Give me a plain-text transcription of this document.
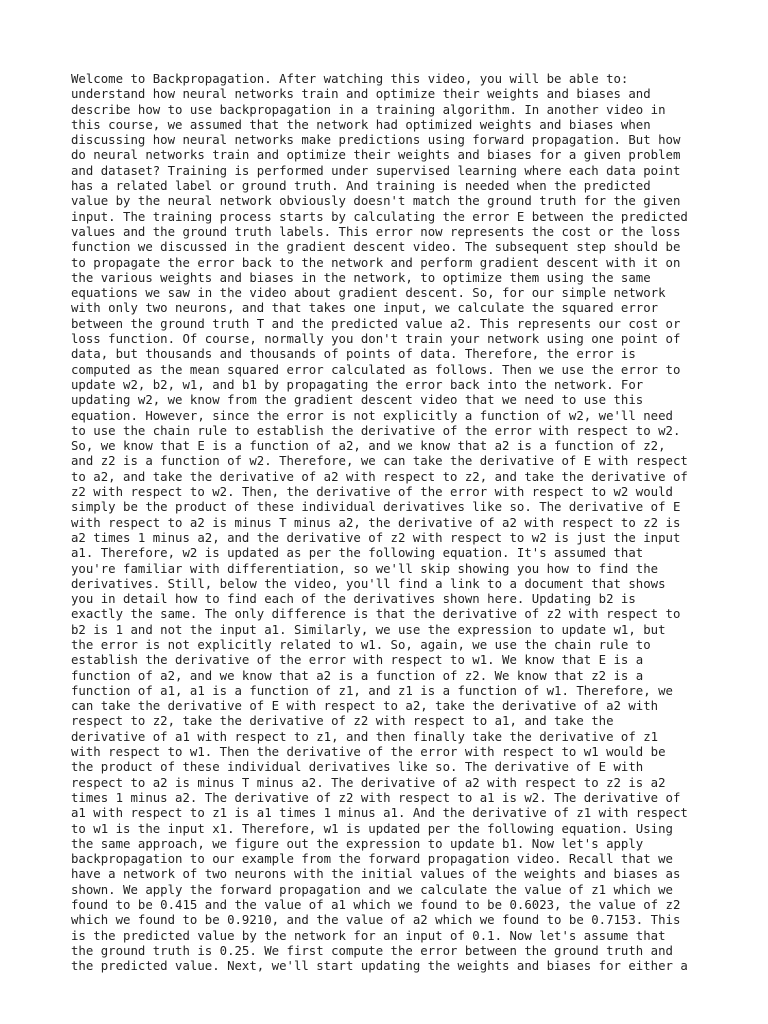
Welcome to Backpropagation. After watching this video, you will be able to:
understand how neural networks train and optimize their weights and biases and
describe how to use backpropagation in a training algorithm. In another video in
this course, we assumed that the network had optimized weights and biases when
discussing how neural networks make predictions using forward propagation. But how
do neural networks train and optimize their weights and biases for a given problem
and dataset? Training is performed under supervised learning where each data point
has a related label or ground truth. And training is needed when the predicted
value by the neural network obviously doesn't match the ground truth for the given
input. The training process starts by calculating the error E between the predicted
values and the ground truth labels. This error now represents the cost or the loss
function we discussed in the gradient descent video. The subsequent step should be
to propagate the error back to the network and perform gradient descent with it on
the various weights and biases in the network, to optimize them using the same
equations we saw in the video about gradient descent. So, for our simple network
with only two neurons, and that takes one input, we calculate the squared error
between the ground truth T and the predicted value a2. This represents our cost or
loss function. Of course, normally you don't train your network using one point of
data, but thousands and thousands of points of data. Therefore, the error is
computed as the mean squared error calculated as follows. Then we use the error to
update w2, b2, w1, and b1 by propagating the error back into the network. For
updating w2, we know from the gradient descent video that we need to use this
equation. However, since the error is not explicitly a function of w2, we'll need
to use the chain rule to establish the derivative of the error with respect to w2.
So, we know that E is a function of a2, and we know that a2 is a function of z2,
and z2 is a function of w2. Therefore, we can take the derivative of E with respect
to a2, and take the derivative of a2 with respect to z2, and take the derivative of
z2 with respect to w2. Then, the derivative of the error with respect to w2 would
simply be the product of these individual derivatives like so. The derivative of E
with respect to a2 is minus T minus a2, the derivative of a2 with respect to z2 is
a2 times 1 minus a2, and the derivative of z2 with respect to w2 is just the input
a1. Therefore, w2 is updated as per the following equation. It's assumed that
you're familiar with differentiation, so we'll skip showing you how to find the
derivatives. Still, below the video, you'll find a link to a document that shows
you in detail how to find each of the derivatives shown here. Updating b2 is
exactly the same. The only difference is that the derivative of z2 with respect to
b2 is 1 and not the input a1. Similarly, we use the expression to update w1, but
the error is not explicitly related to w1. So, again, we use the chain rule to
establish the derivative of the error with respect to w1. We know that E is a
function of a2, and we know that a2 is a function of z2. We know that z2 is a
function of a1, a1 is a function of z1, and z1 is a function of w1. Therefore, we
can take the derivative of E with respect to a2, take the derivative of a2 with
respect to z2, take the derivative of z2 with respect to a1, and take the
derivative of a1 with respect to z1, and then finally take the derivative of z1
with respect to w1. Then the derivative of the error with respect to w1 would be
the product of these individual derivatives like so. The derivative of E with
respect to a2 is minus T minus a2. The derivative of a2 with respect to z2 is a2
times 1 minus a2. The derivative of z2 with respect to a1 is w2. The derivative of
a1 with respect to z1 is a1 times 1 minus a1. And the derivative of z1 with respect
to w1 is the input x1. Therefore, w1 is updated per the following equation. Using
the same approach, we figure out the expression to update b1. Now let's apply
backpropagation to our example from the forward propagation video. Recall that we
have a network of two neurons with the initial values of the weights and biases as
shown. We apply the forward propagation and we calculate the value of z1 which we
found to be 0.415 and the value of a1 which we found to be 0.6023, the value of z2
which we found to be 0.9210, and the value of a2 which we found to be 0.7153. This
is the predicted value by the network for an input of 0.1. Now let's assume that
the ground truth is 0.25. We first compute the error between the ground truth and
the predicted value. Next, we'll start updating the weights and biases for either a
